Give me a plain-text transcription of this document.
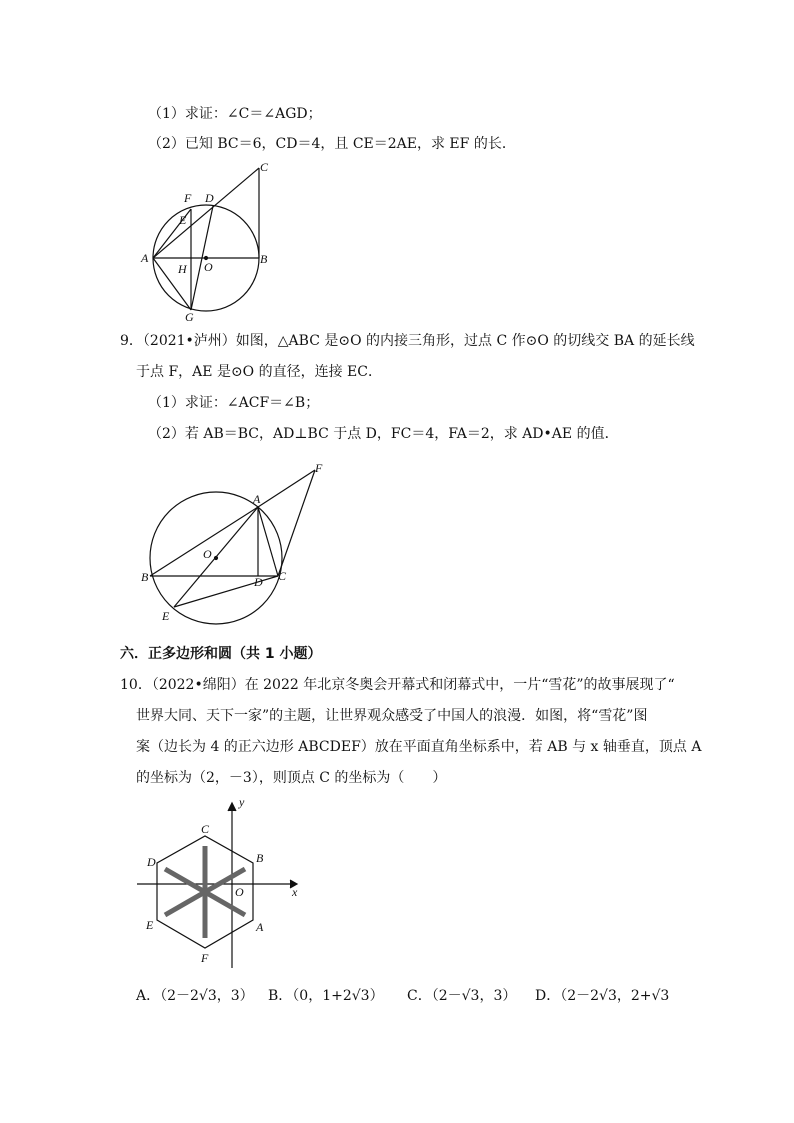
（1）求证：∠C＝∠AGD；
（2）已知 BC＝6，CD＝4，且 CE＝2AE，求 EF 的长．
C
F D
E
A
H O
B
G
9．（2021•泸州）如图，△ABC 是⊙O 的内接三角形，过点 C 作⊙O 的切线交 BA 的延长线
于点 F，AE 是⊙O 的直径，连接 EC．
（1）求证：∠ACF＝∠B；
（2）若 AB＝BC，AD⊥BC 于点 D，FC＝4，FA＝2，求 AD•AE 的值．
F
A
O
B	D C
E
六．正多边形和圆（共 1 小题）
10．（2022•绵阳）在 2022 年北京冬奥会开幕式和闭幕式中，一片“雪花”的故事展现了“
世界大同、天下一家”的主题，让世界观众感受了中国人的浪漫．如图，将“雪花”图
案（边长为 4 的正六边形 ABCDEF）放在平面直角坐标系中，若 AB 与 x 轴垂直，顶点 A
的坐标为（2，－3），则顶点 C 的坐标为（　　）
y
x
O
A
B
C
D
E
F
A．（2－2√3，3） B．（0，1+2√3） C．（2－√3，3） D．（2－2√3，2+√3
